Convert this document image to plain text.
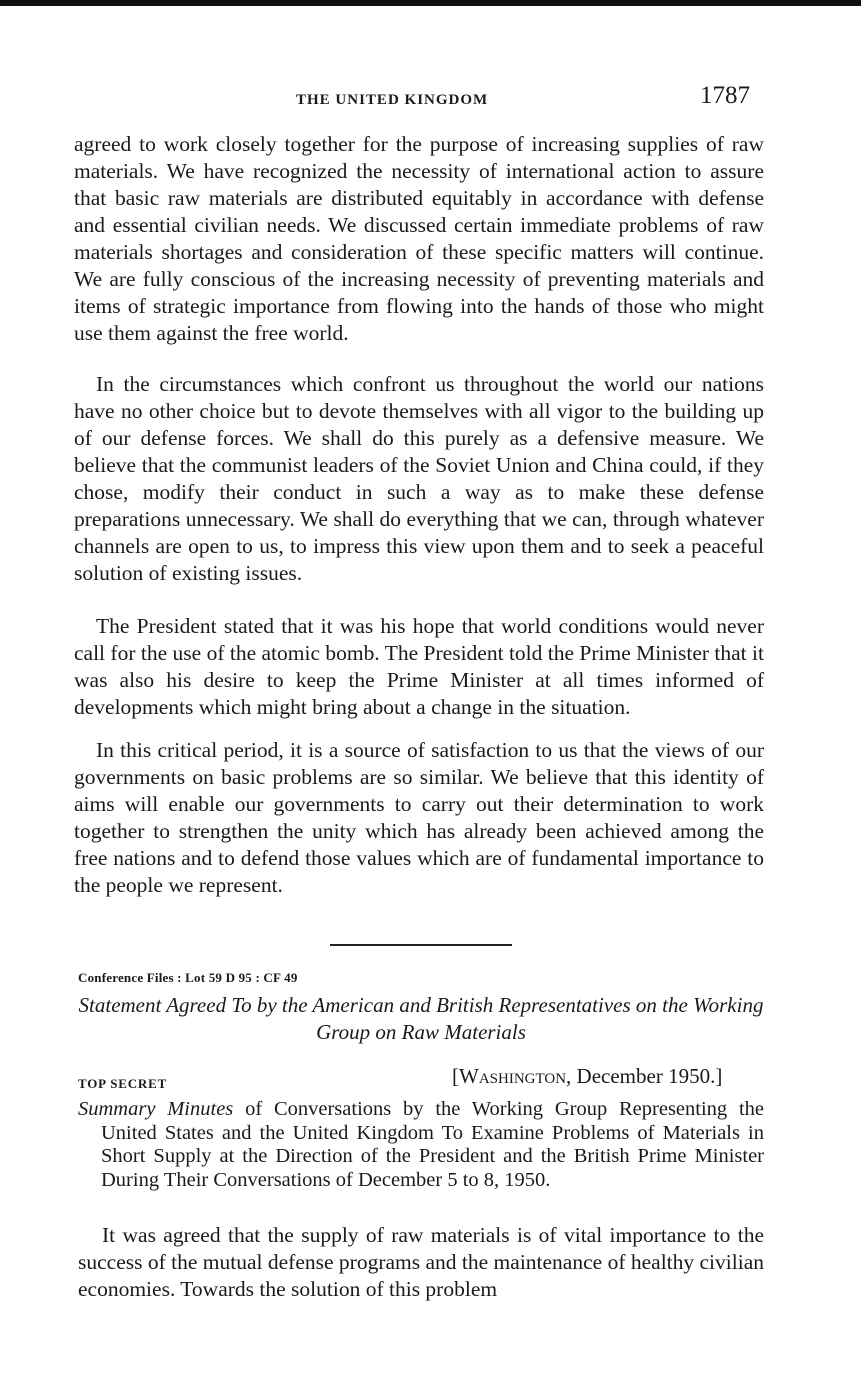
THE UNITED KINGDOM	1787

agreed to work closely together for the purpose of increasing supplies of raw materials. We have recognized the necessity of international action to assure that basic raw materials are distributed equitably in accordance with defense and essential civilian needs. We discussed certain immediate problems of raw materials shortages and consideration of these specific matters will continue. We are fully conscious of the increasing necessity of preventing materials and items of strategic importance from flowing into the hands of those who might use them against the free world.

In the circumstances which confront us throughout the world our nations have no other choice but to devote themselves with all vigor to the building up of our defense forces. We shall do this purely as a defensive measure. We believe that the communist leaders of the Soviet Union and China could, if they chose, modify their conduct in such a way as to make these defense preparations unnecessary. We shall do everything that we can, through whatever channels are open to us, to impress this view upon them and to seek a peaceful solution of existing issues.

The President stated that it was his hope that world conditions would never call for the use of the atomic bomb. The President told the Prime Minister that it was also his desire to keep the Prime Minister at all times informed of developments which might bring about a change in the situation.

In this critical period, it is a source of satisfaction to us that the views of our governments on basic problems are so similar. We believe that this identity of aims will enable our governments to carry out their determination to work together to strengthen the unity which has already been achieved among the free nations and to defend those values which are of fundamental importance to the people we represent.

Conference Files : Lot 59 D 95 : CF 49
Statement Agreed To by the American and British Representatives on the Working Group on Raw Materials
TOP SECRET	[Washington, December 1950.]
Summary Minutes of Conversations by the Working Group Representing the United States and the United Kingdom To Examine Problems of Materials in Short Supply at the Direction of the President and the British Prime Minister During Their Conversations of December 5 to 8, 1950.

It was agreed that the supply of raw materials is of vital importance to the success of the mutual defense programs and the maintenance of healthy civilian economies. Towards the solution of this problem
